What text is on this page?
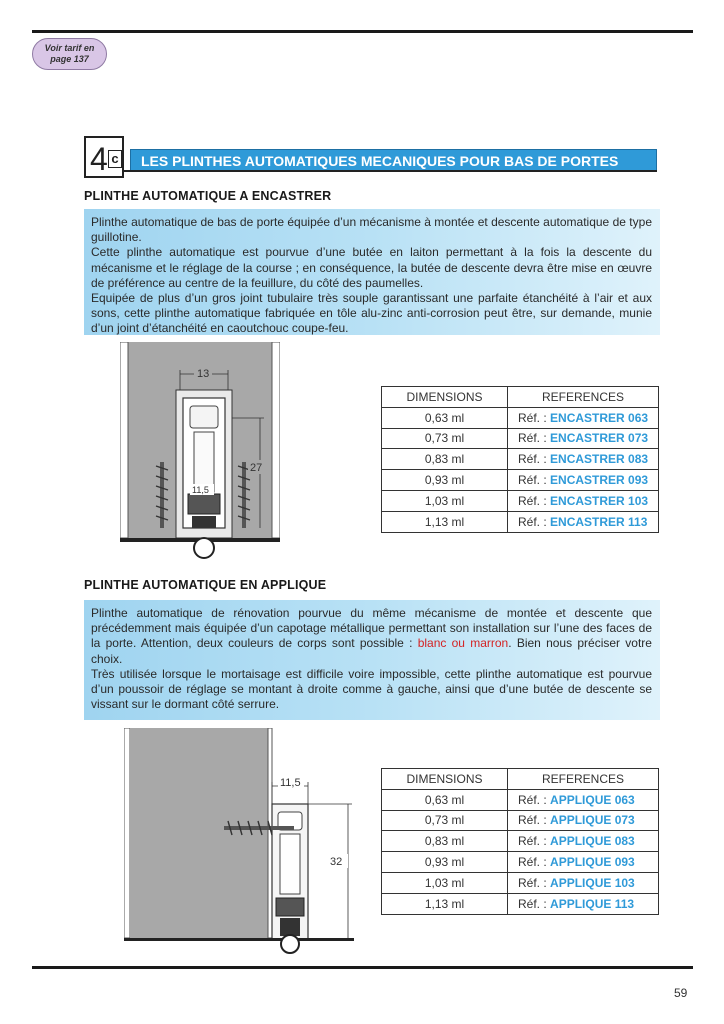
Voir tarif en
page 137
4 c	LES PLINTHES AUTOMATIQUES MECANIQUES POUR BAS DE PORTES
PLINTHE AUTOMATIQUE A ENCASTRER

Plinthe automatique de bas de porte équipée d’un mécanisme à montée et descente automatique de type guillotine.

Cette plinthe automatique est pourvue d’une butée en laiton permettant à la fois la descente du mécanisme et le réglage de la course ; en conséquence, la butée de descente devra être mise en œuvre de préférence au centre de la feuillure, du côté des paumelles.

Equipée de plus d’un gros joint tubulaire très souple garantissant une parfaite étanchéité à l’air et aux sons, cette plinthe automatique fabriquée en tôle alu-zinc anti-corrosion peut être, sur demande, munie d’un joint d’étanchéité en caoutchouc coupe-feu.

13
27
11,5
DIMENSIONS	REFERENCES
0,63 ml	Réf. : ENCASTRER 063
0,73 ml	Réf. : ENCASTRER 073
0,83 ml	Réf. : ENCASTRER 083
0,93 ml	Réf. : ENCASTRER 093
1,03 ml	Réf. : ENCASTRER 103
1,13 ml	Réf. : ENCASTRER 113
PLINTHE AUTOMATIQUE EN APPLIQUE

Plinthe automatique de rénovation pourvue du même mécanisme de montée et descente que précédemment mais équipée d’un capotage métallique permettant son installation sur l’une des faces de la porte. Attention, deux couleurs de corps sont possible : blanc ou marron. Bien nous préciser votre choix.

Très utilisée lorsque le mortaisage est difficile voire impossible, cette plinthe automatique est pourvue d’un poussoir de réglage se montant à droite comme à gauche, ainsi que d’une butée de descente se vissant sur le dormant côté serrure.

11,5
32
DIMENSIONS	REFERENCES
0,63 ml	Réf. : APPLIQUE 063
0,73 ml	Réf. : APPLIQUE 073
0,83 ml	Réf. : APPLIQUE 083
0,93 ml	Réf. : APPLIQUE 093
1,03 ml	Réf. : APPLIQUE 103
1,13 ml	Réf. : APPLIQUE 113
59
